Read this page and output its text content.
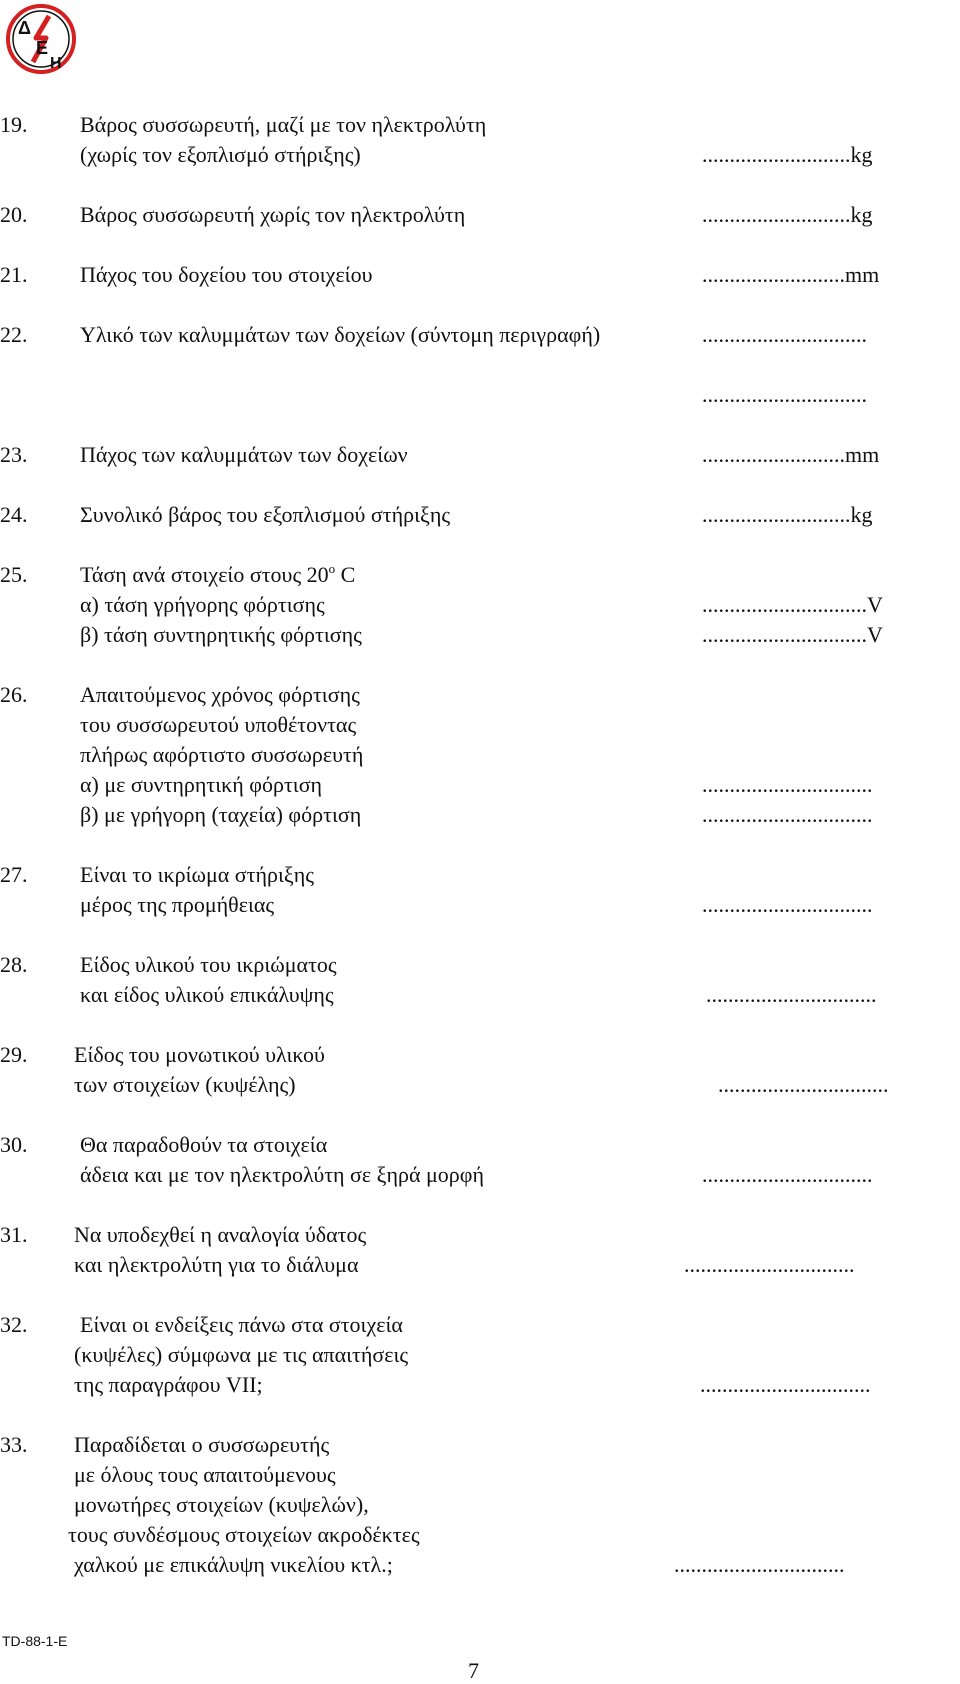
Δ
Ε
Η
19. Βάρος συσσωρευτή, μαζί με τον ηλεκτρολύτη
(χωρίς τον εξοπλισμό στήριξης)	...........................kg
20. Βάρος συσσωρευτή χωρίς τον ηλεκτρολύτη	...........................kg
21. Πάχος του δοχείου του στοιχείου	..........................mm
22. Υλικό των καλυμμάτων των δοχείων (σύντομη περιγραφή)	..............................
..............................
23. Πάχος των καλυμμάτων των δοχείων	..........................mm
24. Συνολικό βάρος του εξοπλισμού στήριξης	...........................kg
25. Τάση ανά στοιχείο στους $20^o$ C
α) τάση γρήγορης φόρτισης	..............................V
β) τάση συντηρητικής φόρτισης	..............................V
26. Απαιτούμενος χρόνος φόρτισης
του συσσωρευτού υποθέτοντας
πλήρως αφόρτιστο συσσωρευτή
α) με συντηρητική φόρτιση	...............................
β) με γρήγορη (ταχεία) φόρτιση	...............................
27. Είναι το ικρίωμα στήριξης
μέρος της προμήθειας	...............................
28. Είδος υλικού του ικριώματος
και είδος υλικού επικάλυψης	...............................
29. Είδος του μονωτικού υλικού
των στοιχείων (κυψέλης)	...............................
30. Θα παραδοθούν τα στοιχεία
άδεια και με τον ηλεκτρολύτη σε ξηρά μορφή	...............................
31. Να υποδεχθεί η αναλογία ύδατος
και ηλεκτρολύτη για το διάλυμα	...............................
32. Είναι οι ενδείξεις πάνω στα στοιχεία
(κυψέλες) σύμφωνα με τις απαιτήσεις
της παραγράφου VII;	...............................
33. Παραδίδεται ο συσσωρευτής
με όλους τους απαιτούμενους
μονωτήρες στοιχείων (κυψελών),
τους συνδέσμους στοιχείων ακροδέκτες
χαλκού με επικάλυψη νικελίου κτλ.;	...............................
TD-88-1-E
7
